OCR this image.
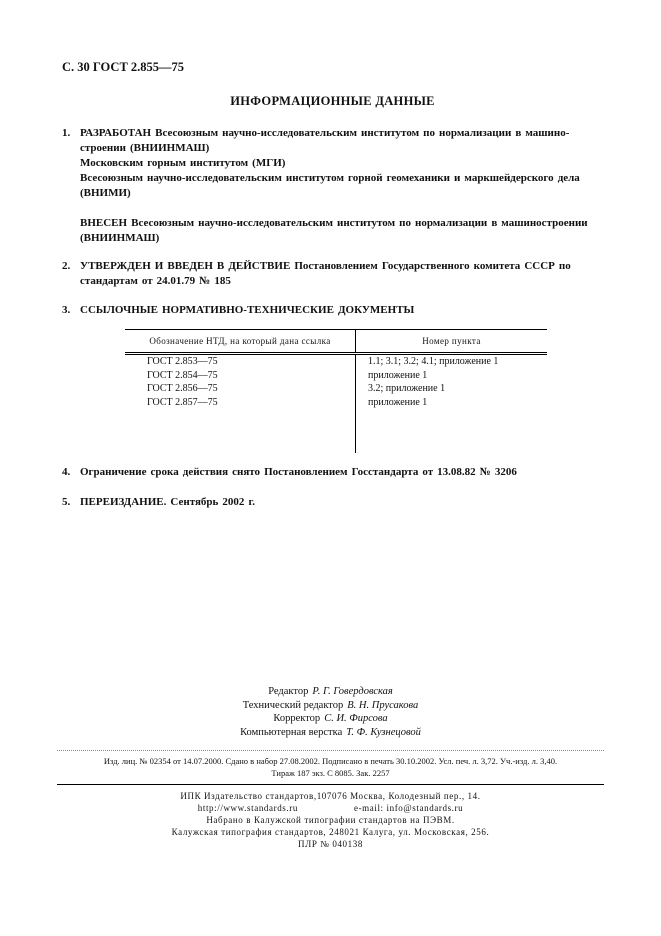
С. 30 ГОСТ 2.855—75
ИНФОРМАЦИОННЫЕ ДАННЫЕ
1. РАЗРАБОТАН Всесоюзным научно-исследовательским институтом по нормализации в машино-
строении (ВНИИНМАШ)
Московским горным институтом (МГИ)
Всесоюзным научно-исследовательским институтом горной геомеханики и маркшейдерского дела
(ВНИМИ)
ВНЕСЕН Всесоюзным научно-исследовательским институтом по нормализации в машиностроении
(ВНИИНМАШ)
2. УТВЕРЖДЕН И ВВЕДЕН В ДЕЙСТВИЕ Постановлением Государственного комитета СССР по
стандартам от 24.01.79 № 185
3. ССЫЛОЧНЫЕ НОРМАТИВНО-ТЕХНИЧЕСКИЕ ДОКУМЕНТЫ
Обозначение НТД, на который дана ссылка	Номер пункта
ГОСТ 2.853—75	1.1; 3.1; 3.2; 4.1; приложение 1
ГОСТ 2.854—75	приложение 1
ГОСТ 2.856—75	3.2; приложение 1
ГОСТ 2.857—75	приложение 1
4. Ограничение срока действия снято Постановлением Госстандарта от 13.08.82 № 3206
5. ПЕРЕИЗДАНИЕ. Сентябрь 2002 г.
Редактор Р. Г. Говердовская
Технический редактор В. Н. Прусакова
Корректор С. И. Фирсова
Компьютерная верстка Т. Ф. Кузнецовой
Изд. лиц. № 02354 от 14.07.2000. Сдано в набор 27.08.2002. Подписано в печать 30.10.2002. Усл. печ. л. 3,72. Уч.-изд. л. 3,40.
Тираж 187 экз. С 8085. Зак. 2257
ИПК Издательство стандартов,107076 Москва, Колодезный пер., 14.
http://www.standards.ru	e-mail: info@standards.ru
Набрано в Калужской типографии стандартов на ПЭВМ.
Калужская типография стандартов, 248021 Калуга, ул. Московская, 256.
ПЛР № 040138
